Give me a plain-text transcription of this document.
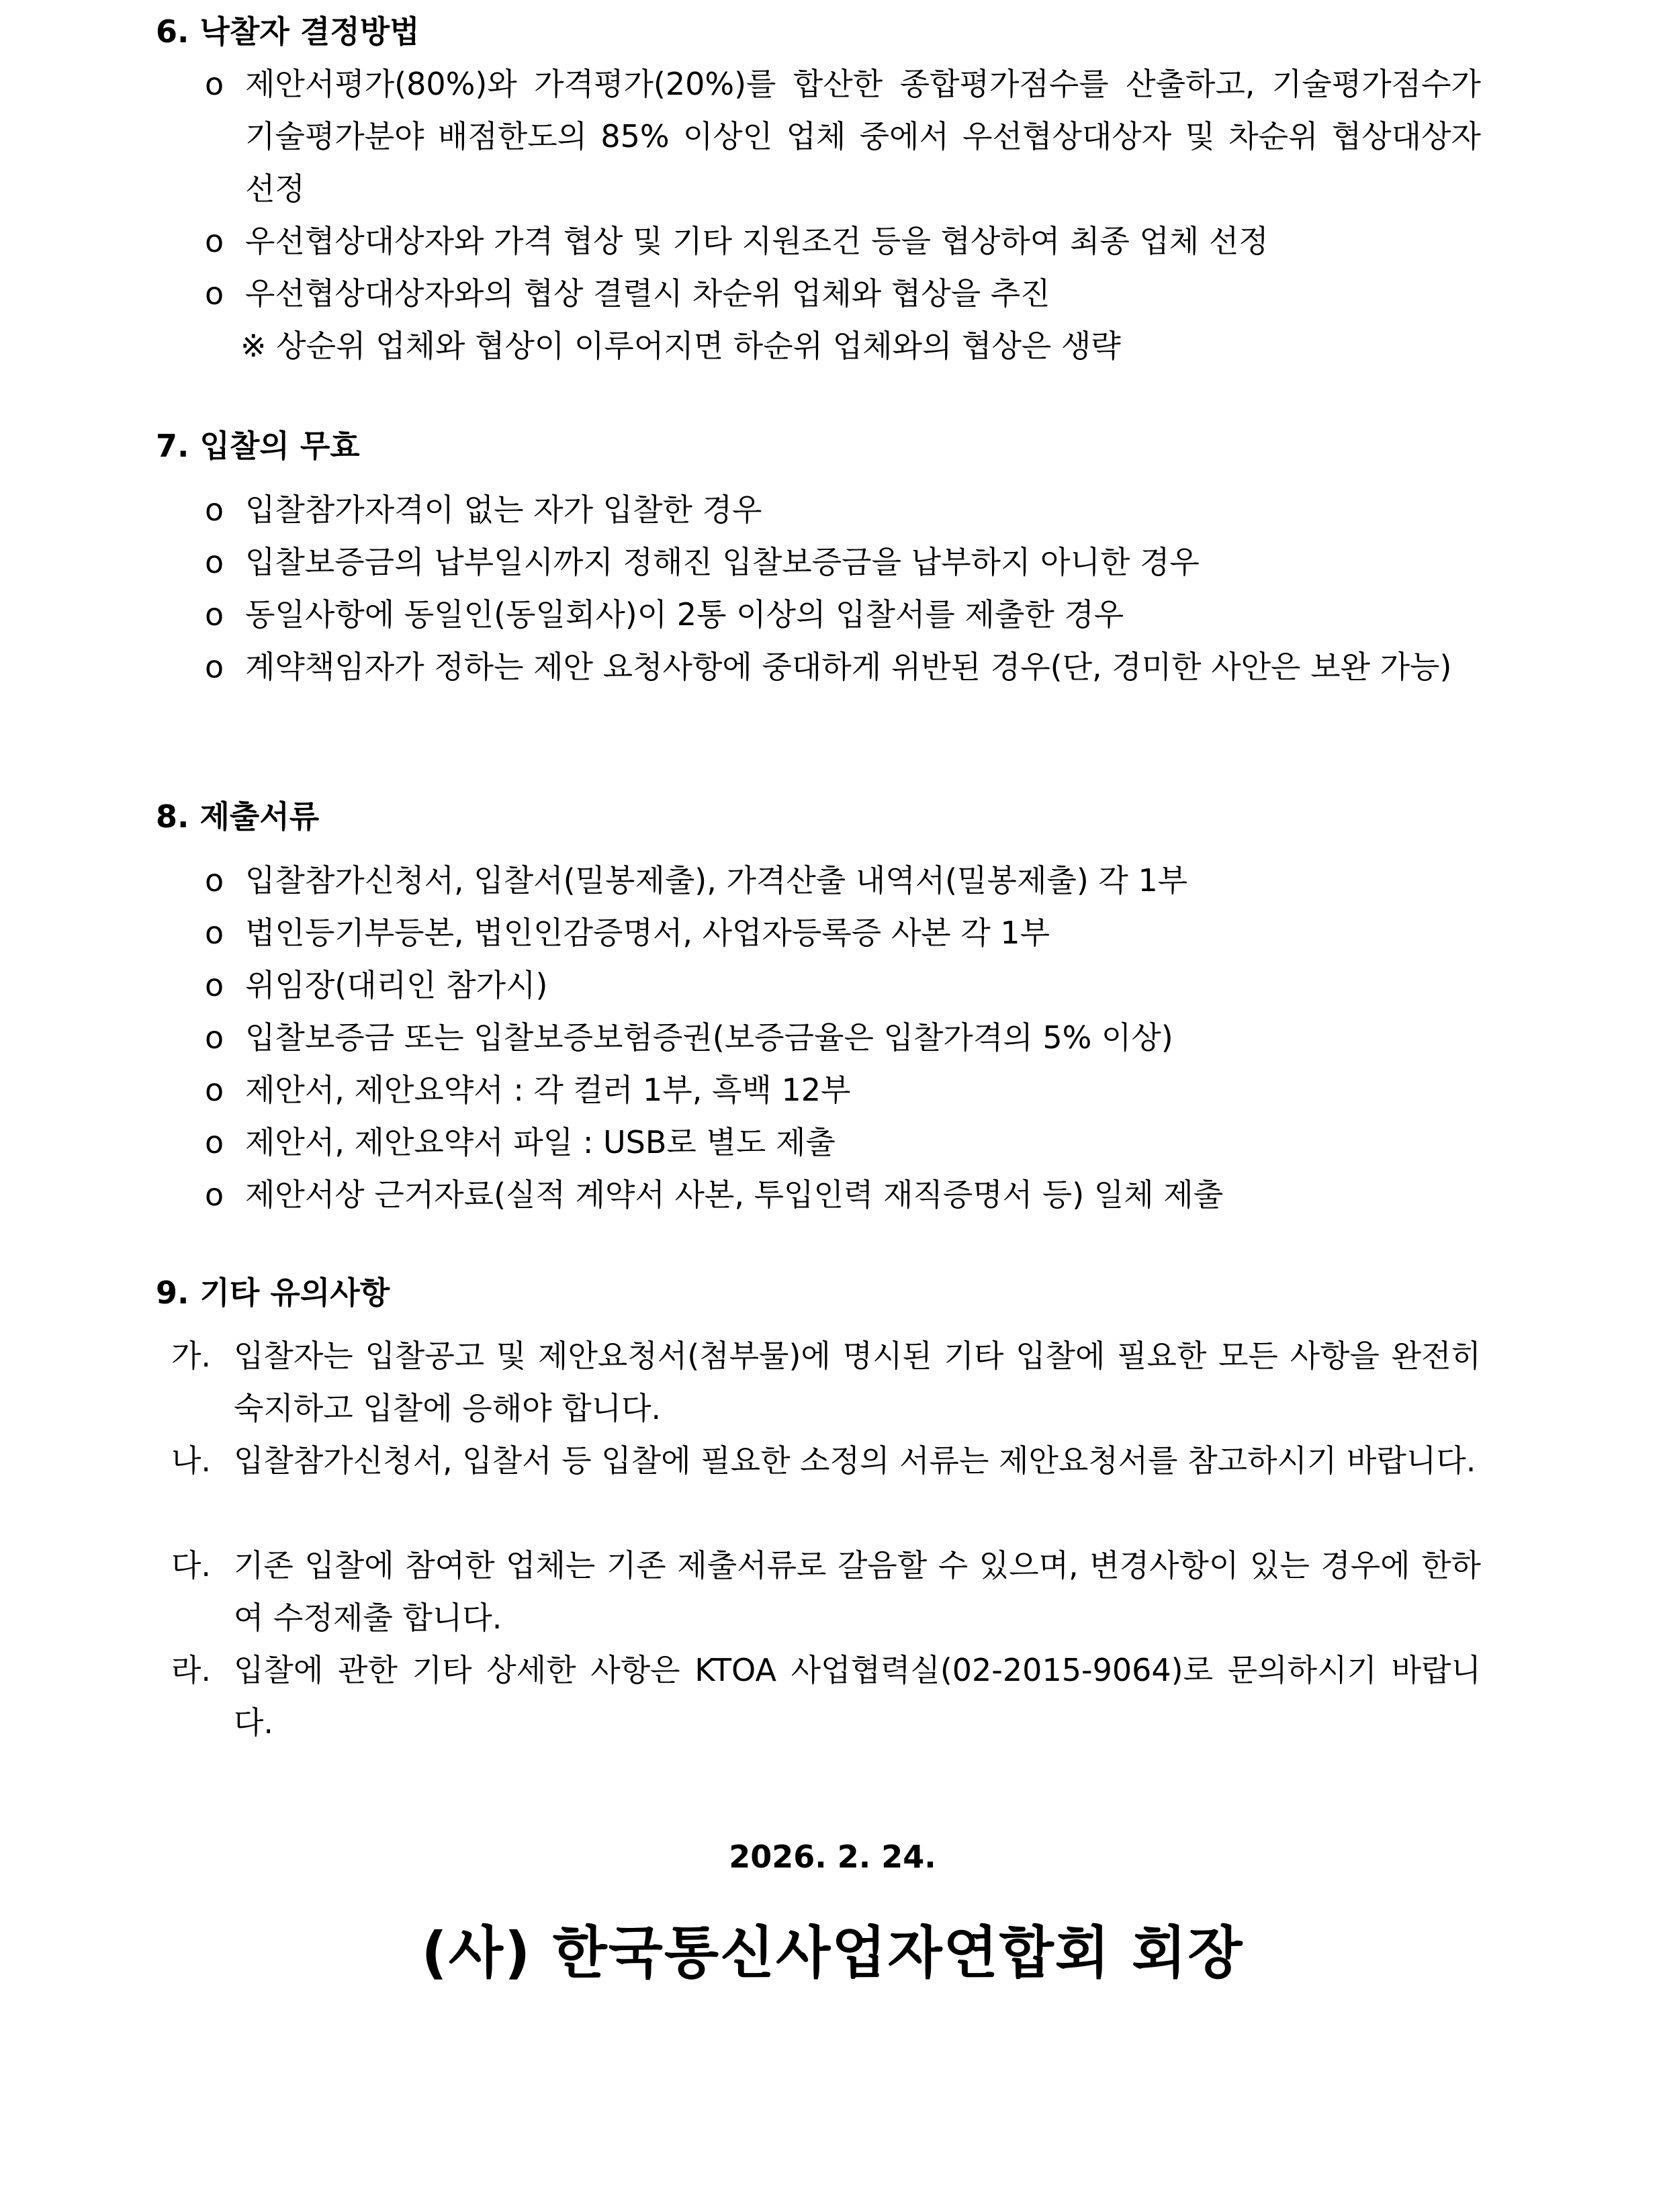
6. 낙찰자 결정방법
o 제안서평가(80%)와 가격평가(20%)를 합산한 종합평가점수를 산출하고, 기술평가점수가 기술평가분야 배점한도의 85% 이상인 업체 중에서 우선협상대상자 및 차순위 협상대상자 선정
o 우선협상대상자와 가격 협상 및 기타 지원조건 등을 협상하여 최종 업체 선정
o 우선협상대상자와의 협상 결렬시 차순위 업체와 협상을 추진
※ 상순위 업체와 협상이 이루어지면 하순위 업체와의 협상은 생략
7. 입찰의 무효
o 입찰참가자격이 없는 자가 입찰한 경우
o 입찰보증금의 납부일시까지 정해진 입찰보증금을 납부하지 아니한 경우
o 동일사항에 동일인(동일회사)이 2통 이상의 입찰서를 제출한 경우
o 계약책임자가 정하는 제안 요청사항에 중대하게 위반된 경우(단, 경미한 사안은 보완 가능)
8. 제출서류
o 입찰참가신청서, 입찰서(밀봉제출), 가격산출 내역서(밀봉제출) 각 1부
o 법인등기부등본, 법인인감증명서, 사업자등록증 사본 각 1부
o 위임장(대리인 참가시)
o 입찰보증금 또는 입찰보증보험증권(보증금율은 입찰가격의 5% 이상)
o 제안서, 제안요약서 : 각 컬러 1부, 흑백 12부
o 제안서, 제안요약서 파일 : USB로 별도 제출
o 제안서상 근거자료(실적 계약서 사본, 투입인력 재직증명서 등) 일체 제출
9. 기타 유의사항
가. 입찰자는 입찰공고 및 제안요청서(첨부물)에 명시된 기타 입찰에 필요한 모든 사항을 완전히 숙지하고 입찰에 응해야 합니다.
나. 입찰참가신청서, 입찰서 등 입찰에 필요한 소정의 서류는 제안요청서를 참고하시기 바랍니다.
다. 기존 입찰에 참여한 업체는 기존 제출서류로 갈음할 수 있으며, 변경사항이 있는 경우에 한하여 수정제출 합니다.
라. 입찰에 관한 기타 상세한 사항은 KTOA 사업협력실(02-2015-9064)로 문의하시기 바랍니다.
2026. 2. 24.
(사) 한국통신사업자연합회 회장
